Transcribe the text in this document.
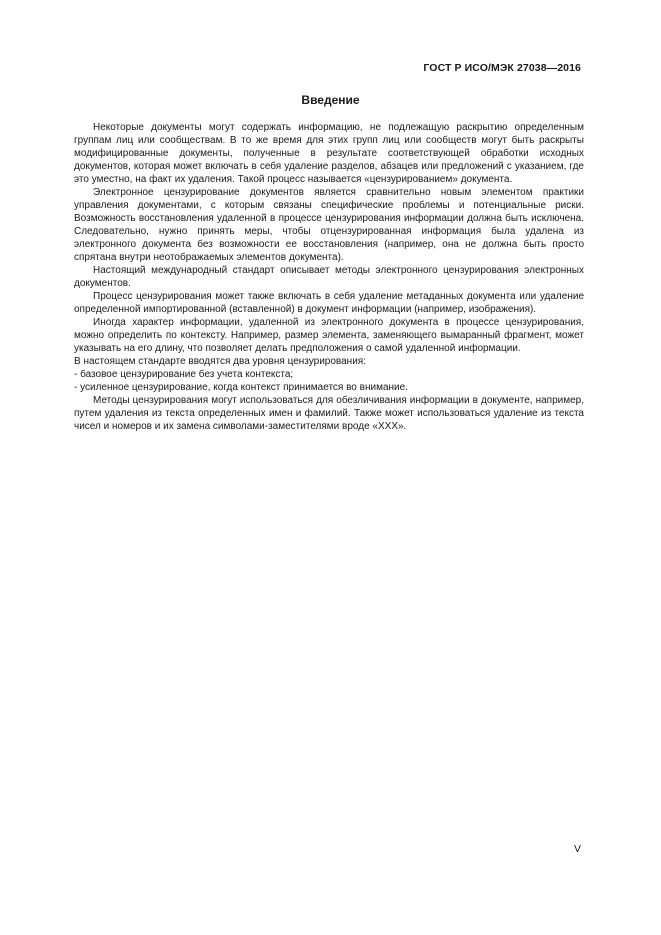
ГОСТ Р ИСО/МЭК 27038—2016
Введение

Некоторые документы могут содержать информацию, не подлежащую раскрытию определенным группам лиц или сообществам. В то же время для этих групп лиц или сообществ могут быть раскрыты модифицированные документы, полученные в результате соответствующей обработки исходных документов, которая может включать в себя удаление разделов, абзацев или предложений с указанием, где это уместно, на факт их удаления. Такой процесс называется «цензурированием» документа.

Электронное цензурирование документов является сравнительно новым элементом практики управления документами, с которым связаны специфические проблемы и потенциальные риски. Возможность восстановления удаленной в процессе цензурирования информации должна быть исключена. Следовательно, нужно принять меры, чтобы отцензурированная информация была удалена из электронного документа без возможности ее восстановления (например, она не должна быть просто спрятана внутри неотображаемых элементов документа).

Настоящий международный стандарт описывает методы электронного цензурирования электронных документов.

Процесс цензурирования может также включать в себя удаление метаданных документа или удаление определенной импортированной (вставленной) в документ информации (например, изображения).

Иногда характер информации, удаленной из электронного документа в процессе цензурирования, можно определить по контексту. Например, размер элемента, заменяющего вымаранный фрагмент, может указывать на его длину, что позволяет делать предположения о самой удаленной информации.

В настоящем стандарте вводятся два уровня цензурирования:

- базовое цензурирование без учета контекста;
- усиленное цензурирование, когда контекст принимается во внимание.

Методы цензурирования могут использоваться для обезличивания информации в документе, например, путем удаления из текста определенных имен и фамилий. Также может использоваться удаление из текста чисел и номеров и их замена символами-заместителями вроде «XXX».

V
